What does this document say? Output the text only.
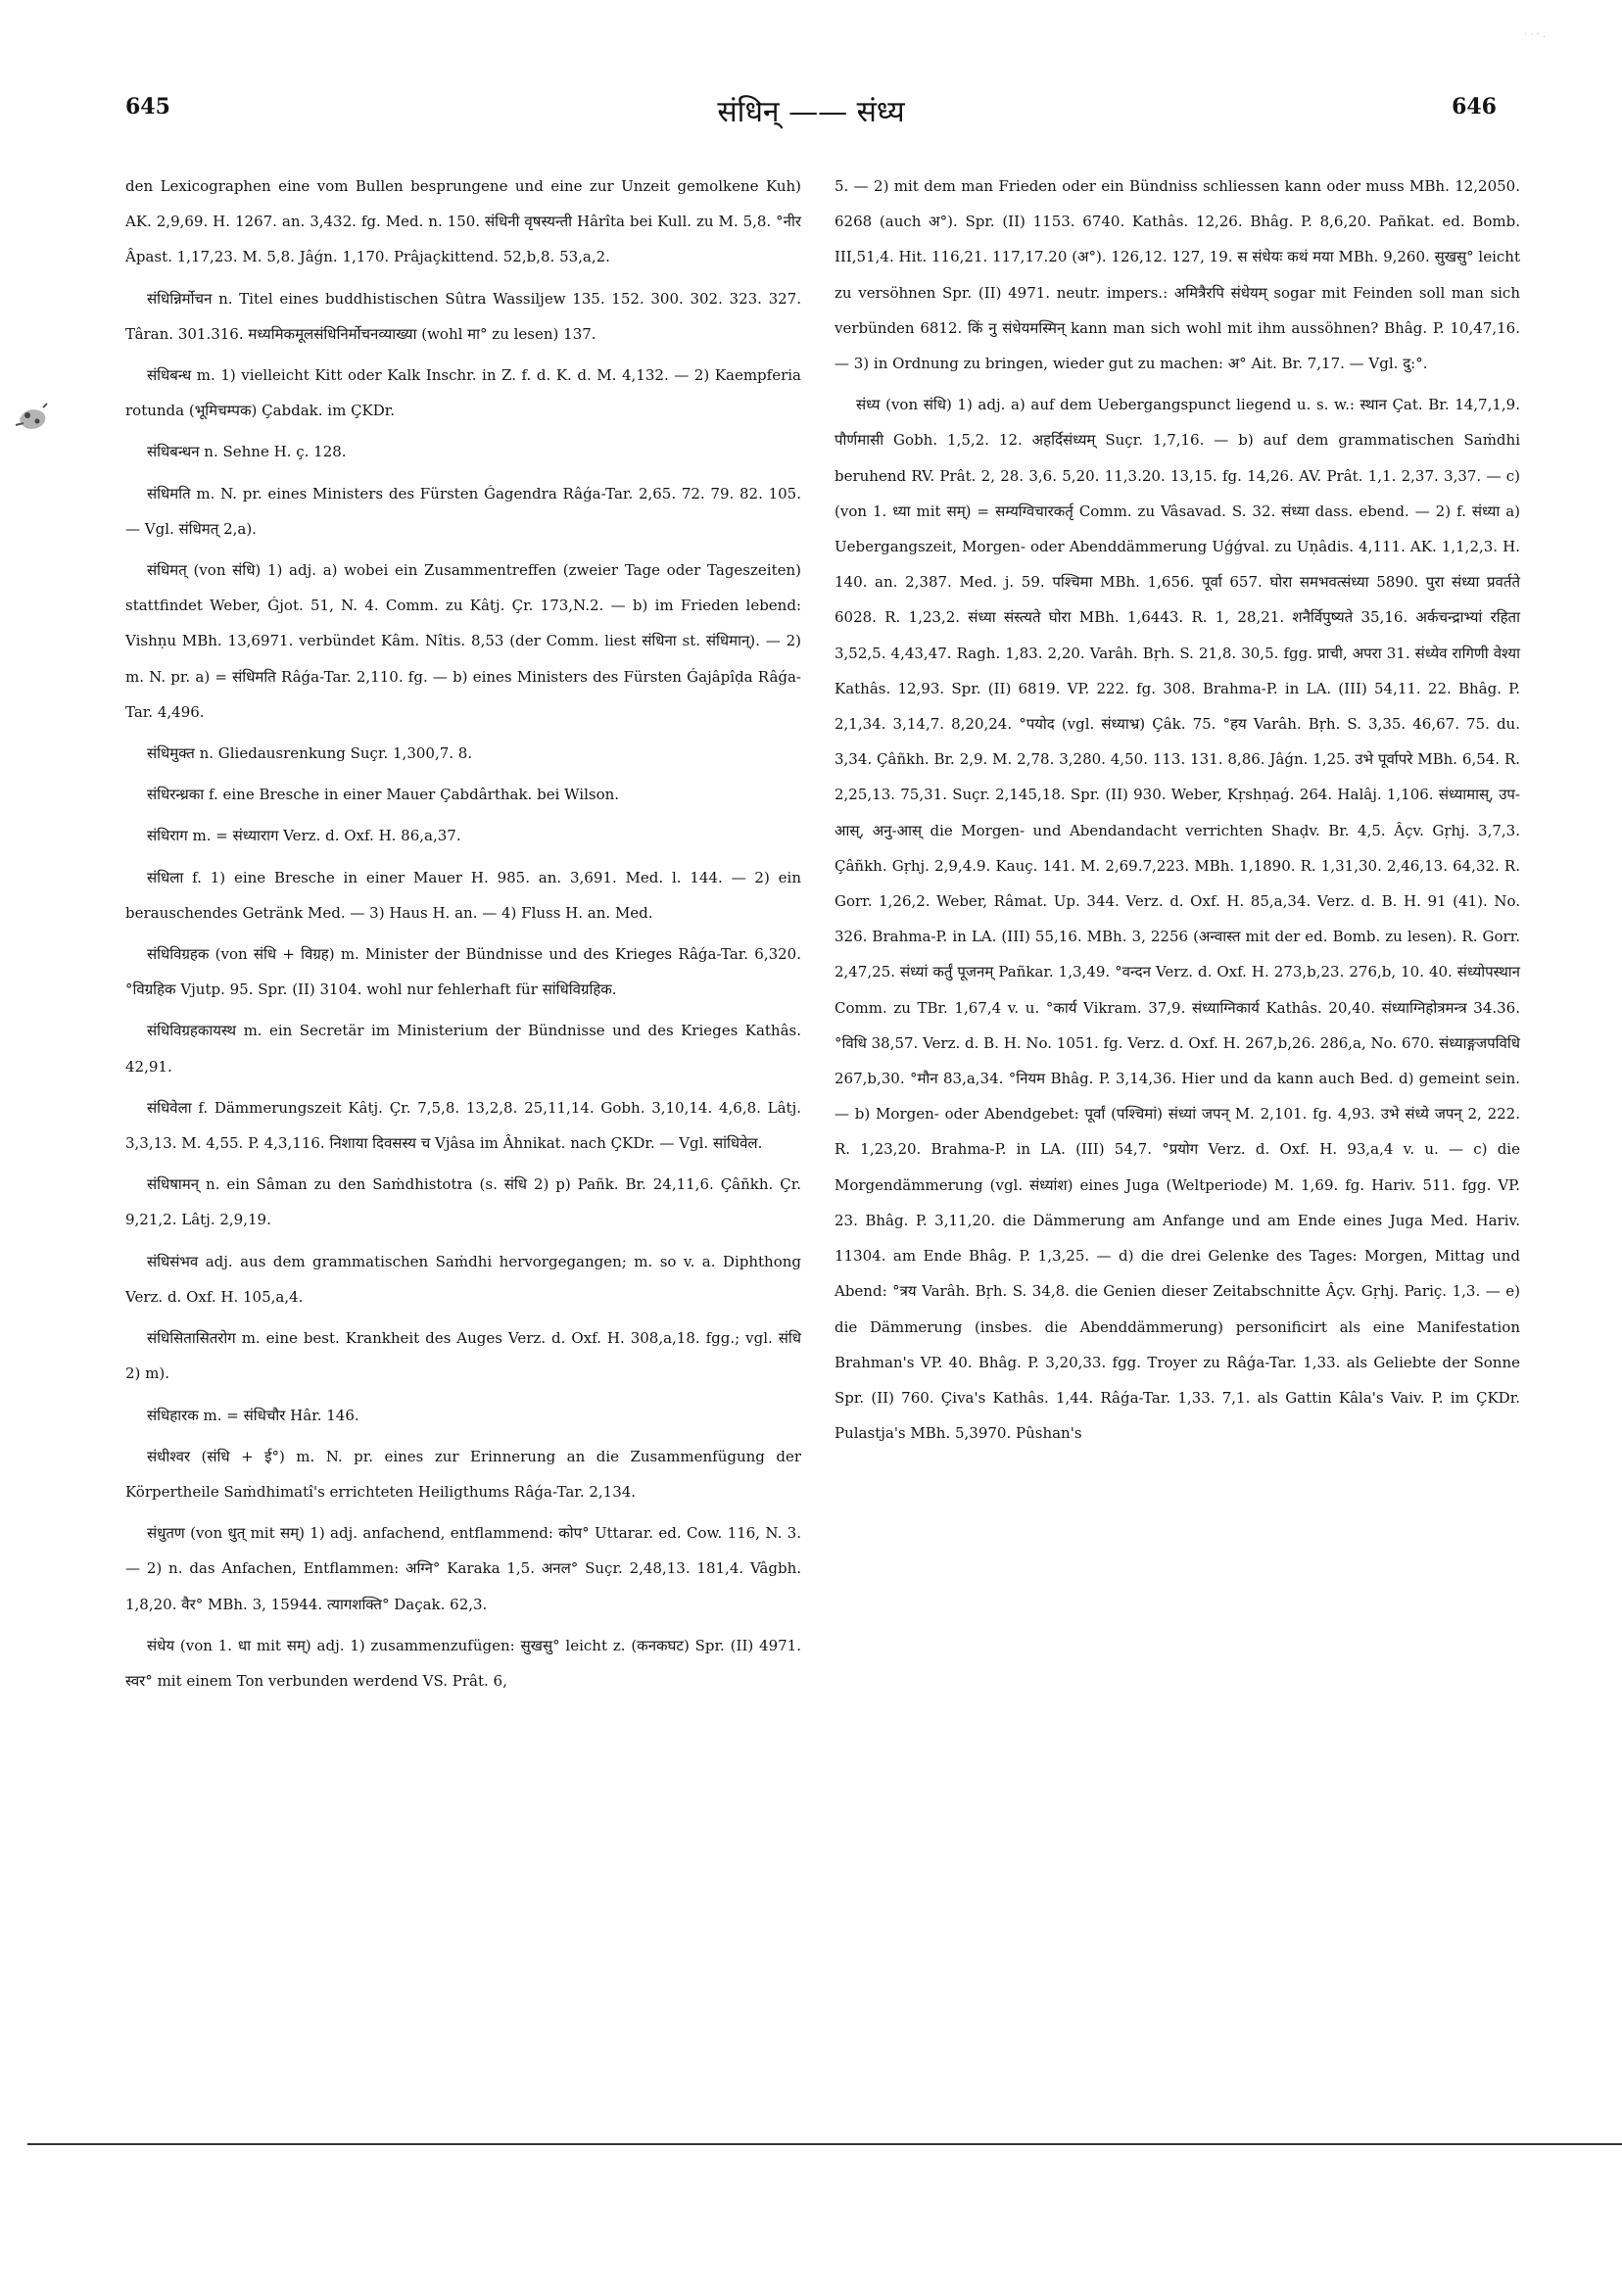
· · · .
645	संधिन् —— संध्य	646

den Lexicographen eine vom Bullen besprungene und eine zur Unzeit gemolkene Kuh) AK. 2,9,69. H. 1267. an. 3,432. fg. Med. n. 150. संधिनी वृषस्यन्ती Hârîta bei Kull. zu M. 5,8. °नीर Âpast. 1,17,23. M. 5,8. Jâǵn. 1,170. Prâjaçkittend. 52,b,8. 53,a,2.

संधिन्निर्मोचन n. Titel eines buddhistischen Sûtra Wassiljew 135. 152. 300. 302. 323. 327. Târan. 301.316. मध्यमिकमूलसंधिनिर्मोचनव्याख्या (wohl मा° zu lesen) 137.

संधिबन्ध m. 1) vielleicht Kitt oder Kalk Inschr. in Z. f. d. K. d. M. 4,132. — 2) Kaempferia rotunda (भूमिचम्पक) Çabdak. im ÇKDr.

संधिबन्धन n. Sehne H. ç. 128.

संधिमति m. N. pr. eines Ministers des Fürsten Ǵagendra Râǵa-Tar. 2,65. 72. 79. 82. 105. — Vgl. संधिमत् 2,a).

संधिमत् (von संधि) 1) adj. a) wobei ein Zusammentreffen (zweier Tage oder Tageszeiten) stattfindet Weber, Ǵjot. 51, N. 4. Comm. zu Kâtj. Çr. 173,N.2. — b) im Frieden lebend: Vishṇu MBh. 13,6971. verbündet Kâm. Nîtis. 8,53 (der Comm. liest संधिना st. संधिमान्). — 2) m. N. pr. a) = संधिमति Râǵa-Tar. 2,110. fg. — b) eines Ministers des Fürsten Ǵajâpîḍa Râǵa-Tar. 4,496.

संधिमुक्त n. Gliedausrenkung Suçr. 1,300,7. 8.

संधिरन्ध्रका f. eine Bresche in einer Mauer Çabdârthak. bei Wilson.

संधिराग m. = संध्याराग Verz. d. Oxf. H. 86,a,37.

संधिला f. 1) eine Bresche in einer Mauer H. 985. an. 3,691. Med. l. 144. — 2) ein berauschendes Getränk Med. — 3) Haus H. an. — 4) Fluss H. an. Med.

संधिविग्रहक (von संधि + विग्रह) m. Minister der Bündnisse und des Krieges Râǵa-Tar. 6,320. °विग्रहिक Vjutp. 95. Spr. (II) 3104. wohl nur fehlerhaft für सांधिविग्रहिक.

संधिविग्रहकायस्थ m. ein Secretär im Ministerium der Bündnisse und des Krieges Kathâs. 42,91.

संधिवेला f. Dämmerungszeit Kâtj. Çr. 7,5,8. 13,2,8. 25,11,14. Gobh. 3,10,14. 4,6,8. Lâtj. 3,3,13. M. 4,55. P. 4,3,116. निशाया दिवसस्य च Vjâsa im Âhnikat. nach ÇKDr. — Vgl. सांधिवेल.

संधिषामन् n. ein Sâman zu den Saṁdhistotra (s. संधि 2) p) Pañk. Br. 24,11,6. Çâñkh. Çr. 9,21,2. Lâtj. 2,9,19.

संधिसंभव adj. aus dem grammatischen Saṁdhi hervorgegangen; m. so v. a. Diphthong Verz. d. Oxf. H. 105,a,4.

संधिसितासितरोग m. eine best. Krankheit des Auges Verz. d. Oxf. H. 308,a,18. fgg.; vgl. संधि 2) m).

संधिहारक m. = संधिचौर Hâr. 146.

संधीश्वर (संधि + ई°) m. N. pr. eines zur Erinnerung an die Zusammenfügung der Körpertheile Saṁdhimatî's errichteten Heiligthums Râǵa-Tar. 2,134.

संधुतण (von धुत् mit सम्) 1) adj. anfachend, entflammend: कोप° Uttarar. ed. Cow. 116, N. 3. — 2) n. das Anfachen, Entflammen: अग्नि° Karaka 1,5. अनल° Suçr. 2,48,13. 181,4. Vâgbh. 1,8,20. वैर° MBh. 3, 15944. त्यागशक्ति° Daçak. 62,3.

संधेय (von 1. धा mit सम्) adj. 1) zusammenzufügen: सुखसु° leicht z. (कनकघट) Spr. (II) 4971. स्वर° mit einem Ton verbunden werdend VS. Prât. 6,

5. — 2) mit dem man Frieden oder ein Bündniss schliessen kann oder muss MBh. 12,2050. 6268 (auch अ°). Spr. (II) 1153. 6740. Kathâs. 12,26. Bhâg. P. 8,6,20. Pañkat. ed. Bomb. III,51,4. Hit. 116,21. 117,17.20 (अ°). 126,12. 127, 19. स संधेयः कथं मया MBh. 9,260. सुखसु° leicht zu versöhnen Spr. (II) 4971. neutr. impers.: अमित्रैरपि संधेयम् sogar mit Feinden soll man sich verbünden 6812. किं नु संधेयमस्मिन् kann man sich wohl mit ihm aussöhnen? Bhâg. P. 10,47,16. — 3) in Ordnung zu bringen, wieder gut zu machen: अ° Ait. Br. 7,17. — Vgl. दु:°.

संध्य (von संधि) 1) adj. a) auf dem Uebergangspunct liegend u. s. w.: स्थान Çat. Br. 14,7,1,9. पौर्णमासी Gobh. 1,5,2. 12. अहर्दिसंध्यम् Suçr. 1,7,16. — b) auf dem grammatischen Saṁdhi beruhend RV. Prât. 2, 28. 3,6. 5,20. 11,3.20. 13,15. fg. 14,26. AV. Prât. 1,1. 2,37. 3,37. — c) (von 1. ध्या mit सम्) = सम्यग्विचारकर्तृ Comm. zu Vâsavad. S. 32. संध्या dass. ebend. — 2) f. संध्या a) Uebergangszeit, Morgen- oder Abenddämmerung Uǵǵval. zu Uṇâdis. 4,111. AK. 1,1,2,3. H. 140. an. 2,387. Med. j. 59. पश्चिमा MBh. 1,656. पूर्वा 657. घोरा समभवत्संध्या 5890. पुरा संध्या प्रवर्तते 6028. R. 1,23,2. संध्या संस्त्यते घोरा MBh. 1,6443. R. 1, 28,21. शनैर्विपुष्यते 35,16. अर्कचन्द्राभ्यां रहिता 3,52,5. 4,43,47. Ragh. 1,83. 2,20. Varâh. Bṛh. S. 21,8. 30,5. fgg. प्राची, अपरा 31. संध्येव रागिणी वेश्या Kathâs. 12,93. Spr. (II) 6819. VP. 222. fg. 308. Brahma-P. in LA. (III) 54,11. 22. Bhâg. P. 2,1,34. 3,14,7. 8,20,24. °पयोद (vgl. संध्याभ्र) Çâk. 75. °हय Varâh. Bṛh. S. 3,35. 46,67. 75. du. 3,34. Çâñkh. Br. 2,9. M. 2,78. 3,280. 4,50. 113. 131. 8,86. Jâǵn. 1,25. उभे पूर्वापरे MBh. 6,54. R. 2,25,13. 75,31. Suçr. 2,145,18. Spr. (II) 930. Weber, Kṛshṇaǵ. 264. Halâj. 1,106. संध्यामास्, उप-आस्, अनु-आस् die Morgen- und Abendandacht verrichten Shaḍv. Br. 4,5. Âçv. Gṛhj. 3,7,3. Çâñkh. Gṛhj. 2,9,4.9. Kauç. 141. M. 2,69.7,223. MBh. 1,1890. R. 1,31,30. 2,46,13. 64,32. R. Gorr. 1,26,2. Weber, Râmat. Up. 344. Verz. d. Oxf. H. 85,a,34. Verz. d. B. H. 91 (41). No. 326. Brahma-P. in LA. (III) 55,16. MBh. 3, 2256 (अन्वास्त mit der ed. Bomb. zu lesen). R. Gorr. 2,47,25. संध्यां कर्तुं पूजनम् Pañkar. 1,3,49. °वन्दन Verz. d. Oxf. H. 273,b,23. 276,b, 10. 40. संध्योपस्थान Comm. zu TBr. 1,67,4 v. u. °कार्य Vikram. 37,9. संध्याग्निकार्य Kathâs. 20,40. संध्याग्निहोत्रमन्त्र 34.36. °विधि 38,57. Verz. d. B. H. No. 1051. fg. Verz. d. Oxf. H. 267,b,26. 286,a, No. 670. संध्याङ्गजपविधि 267,b,30. °मौन 83,a,34. °नियम Bhâg. P. 3,14,36. Hier und da kann auch Bed. d) gemeint sein. — b) Morgen- oder Abendgebet: पूर्वां (पश्चिमां) संध्यां जपन् M. 2,101. fg. 4,93. उभे संध्ये जपन् 2, 222. R. 1,23,20. Brahma-P. in LA. (III) 54,7. °प्रयोग Verz. d. Oxf. H. 93,a,4 v. u. — c) die Morgendämmerung (vgl. संध्यांश) eines Juga (Weltperiode) M. 1,69. fg. Hariv. 511. fgg. VP. 23. Bhâg. P. 3,11,20. die Dämmerung am Anfange und am Ende eines Juga Med. Hariv. 11304. am Ende Bhâg. P. 1,3,25. — d) die drei Gelenke des Tages: Morgen, Mittag und Abend: °त्रय Varâh. Bṛh. S. 34,8. die Genien dieser Zeitabschnitte Âçv. Gṛhj. Pariç. 1,3. — e) die Dämmerung (insbes. die Abenddämmerung) personificirt als eine Manifestation Brahman's VP. 40. Bhâg. P. 3,20,33. fgg. Troyer zu Râǵa-Tar. 1,33. als Geliebte der Sonne Spr. (II) 760. Çiva's Kathâs. 1,44. Râǵa-Tar. 1,33. 7,1. als Gattin Kâla's Vaiv. P. im ÇKDr. Pulastja's MBh. 5,3970. Pûshan's
